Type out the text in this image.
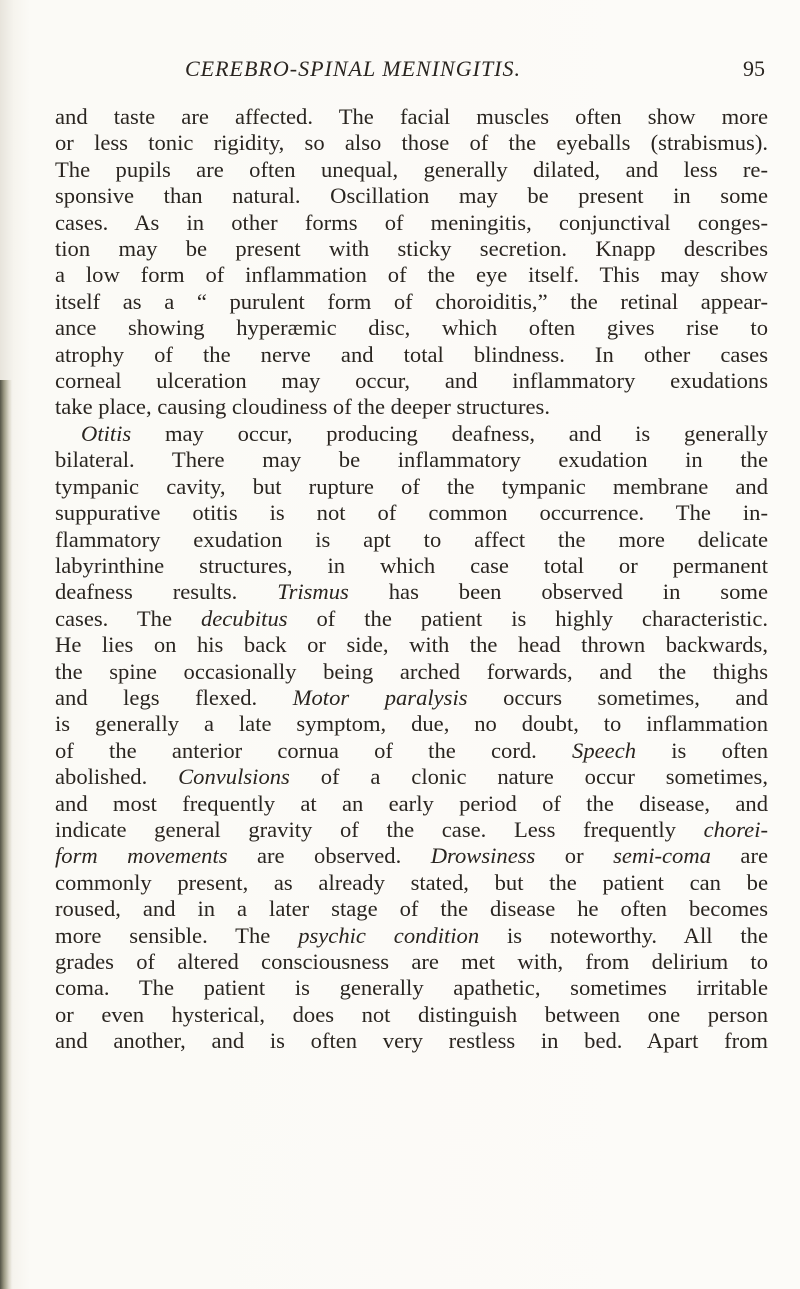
CEREBRO-SPINAL MENINGITIS.	95
and taste are affected. The facial muscles often show more
or less tonic rigidity, so also those of the eyeballs (strabismus).
The pupils are often unequal, generally dilated, and less re-
sponsive than natural. Oscillation may be present in some
cases. As in other forms of meningitis, conjunctival conges-
tion may be present with sticky secretion. Knapp describes
a low form of inflammation of the eye itself. This may show
itself as a “ purulent form of choroiditis,” the retinal appear-
ance showing hyperæmic disc, which often gives rise to
atrophy of the nerve and total blindness. In other cases
corneal ulceration may occur, and inflammatory exudations
take place, causing cloudiness of the deeper structures.
Otitis may occur, producing deafness, and is generally
bilateral. There may be inflammatory exudation in the
tympanic cavity, but rupture of the tympanic membrane and
suppurative otitis is not of common occurrence. The in-
flammatory exudation is apt to affect the more delicate
labyrinthine structures, in which case total or permanent
deafness results. Trismus has been observed in some
cases. The decubitus of the patient is highly characteristic.
He lies on his back or side, with the head thrown backwards,
the spine occasionally being arched forwards, and the thighs
and legs flexed. Motor paralysis occurs sometimes, and
is generally a late symptom, due, no doubt, to inflammation
of the anterior cornua of the cord. Speech is often
abolished. Convulsions of a clonic nature occur sometimes,
and most frequently at an early period of the disease, and
indicate general gravity of the case. Less frequently chorei-
form movements are observed. Drowsiness or semi-coma are
commonly present, as already stated, but the patient can be
roused, and in a later stage of the disease he often becomes
more sensible. The psychic condition is noteworthy. All the
grades of altered consciousness are met with, from delirium to
coma. The patient is generally apathetic, sometimes irritable
or even hysterical, does not distinguish between one person
and another, and is often very restless in bed. Apart from
